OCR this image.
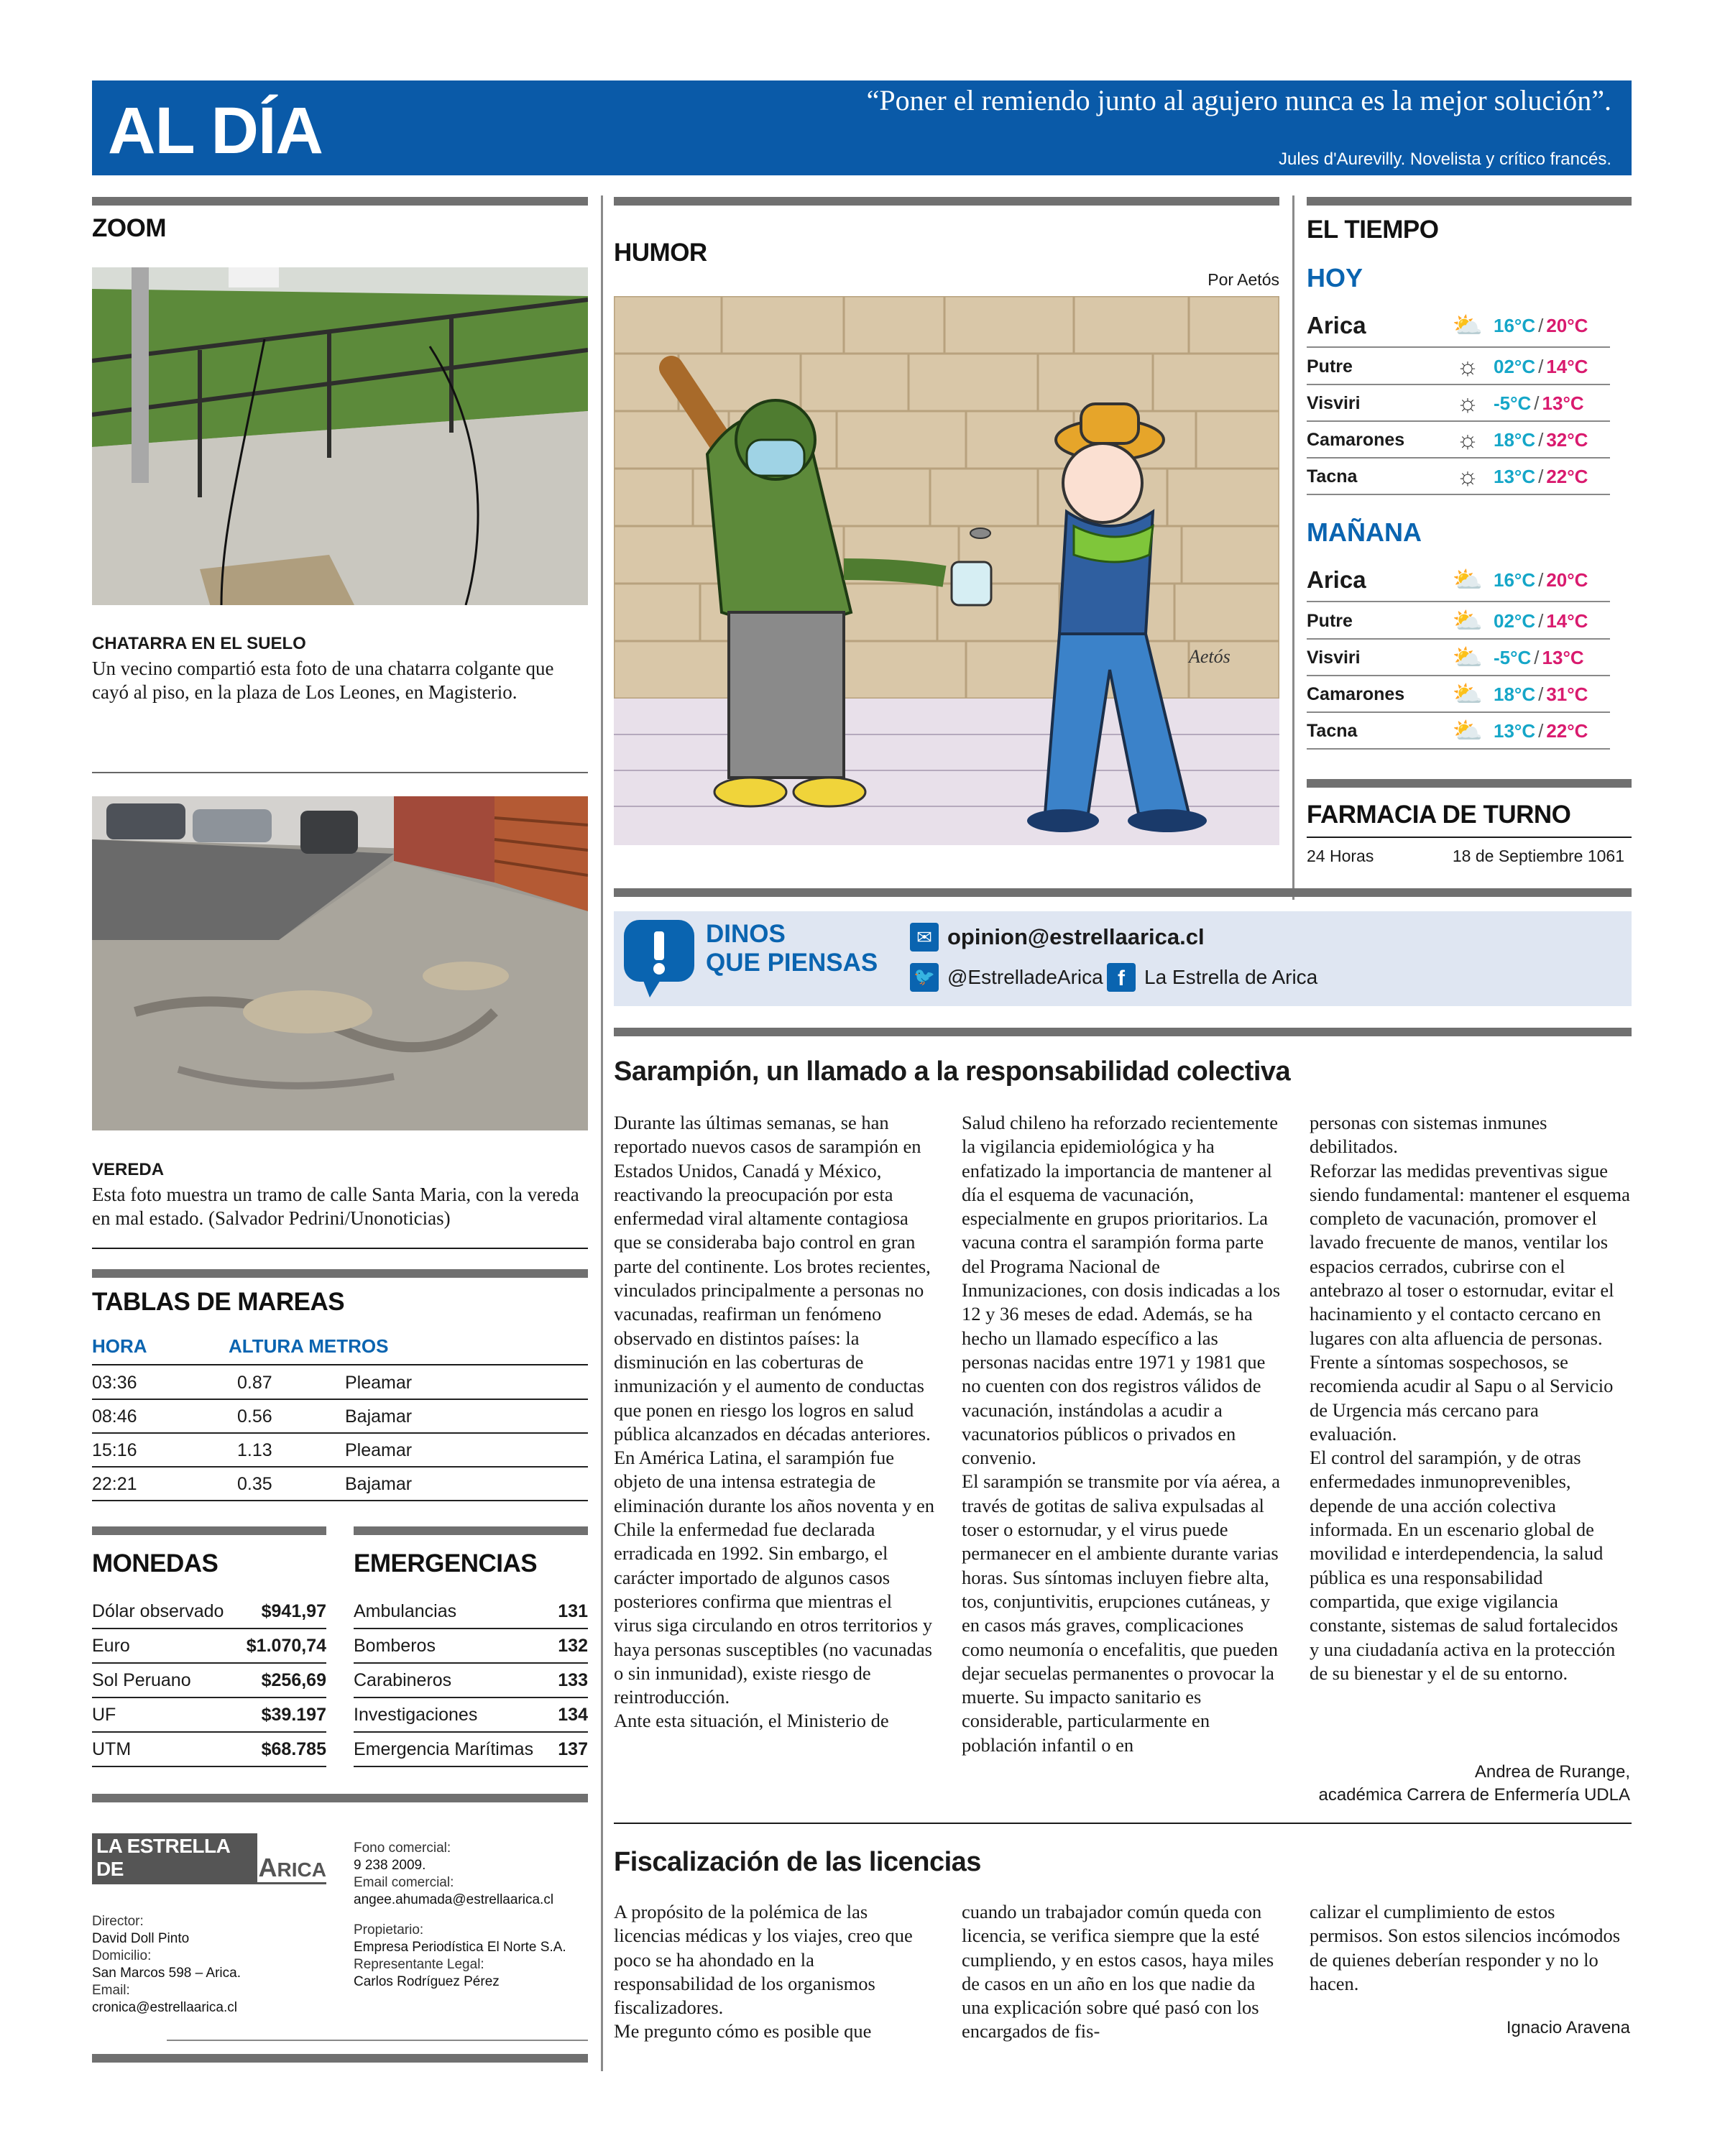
AL DÍA	“Poner el remiendo junto al agujero nunca es la mejor solución”.
Jules d'Aurevilly. Novelista y crítico francés.
ZOOM
CHATARRA EN EL SUELO
Un vecino compartió esta foto de una chatarra colgante que cayó al piso, en la plaza de Los Leones, en Magisterio.
VEREDA
Esta foto muestra un tramo de calle Santa Maria, con la vereda en mal estado. (Salvador Pedrini/Unonoticias)
TABLAS DE MAREAS
HORA	ALTURA METROS
03:36	0.87	Pleamar
08:46	0.56	Bajamar
15:16	1.13	Pleamar
22:21	0.35	Bajamar
MONEDAS	EMERGENCIAS
Dólar observado $941,97
Euro	$1.070,74
Sol Peruano	$256,69
UF	$39.197
UTM	$68.785
Ambulancias	131
Bomberos	132
Carabineros	133
Investigaciones	134
Emergencia Marítimas 137
LA ESTRELLA DE	A RICA
Director:
David Doll Pinto
Domicilio:
San Marcos 598 – Arica.
Email:
cronica@estrellaarica.cl
Fono comercial:
9 238 2009.
Email comercial:
angee.ahumada@estrellaarica.cl
Propietario:
Empresa Periodística El Norte S.A.
Representante Legal:
Carlos Rodríguez Pérez
HUMOR
Por Aetós
Aetós
DINOS
QUE PIENSAS
✉ opinion@estrellaarica.cl
🐦 @EstrelladeArica f La Estrella de Arica
Sarampión, un llamado a la responsabilidad colectiva

Durante las últimas semanas, se han reportado nuevos casos de sarampión en Estados Unidos, Canadá y México, reactivando la preocupación por esta enfermedad viral altamente contagiosa que se consideraba bajo control en gran parte del continente. Los brotes recientes, vinculados principalmente a personas no vacunadas, reafirman un fenómeno observado en distintos países: la disminución en las coberturas de inmunización y el aumento de conductas que ponen en riesgo los logros en salud pública alcanzados en décadas anteriores.

En América Latina, el sarampión fue objeto de una intensa estrategia de eliminación durante los años noventa y en Chile la enfermedad fue declarada erradicada en 1992. Sin embargo, el carácter importado de algunos casos posteriores confirma que mientras el virus siga circulando en otros territorios y haya personas susceptibles (no vacunadas o sin inmunidad), existe riesgo de reintroducción.

Ante esta situación, el Ministerio de

Salud chileno ha reforzado recientemente la vigilancia epidemiológica y ha enfatizado la importancia de mantener al día el esquema de vacunación, especialmente en grupos prioritarios. La vacuna contra el sarampión forma parte del Programa Nacional de Inmunizaciones, con dosis indicadas a los 12 y 36 meses de edad. Además, se ha hecho un llamado específico a las personas nacidas entre 1971 y 1981 que no cuenten con dos registros válidos de vacunación, instándolas a acudir a vacunatorios públicos o privados en convenio.

El sarampión se transmite por vía aérea, a través de gotitas de saliva expulsadas al toser o estornudar, y el virus puede permanecer en el ambiente durante varias horas. Sus síntomas incluyen fiebre alta, tos, conjuntivitis, erupciones cutáneas, y en casos más graves, complicaciones como neumonía o encefalitis, que pueden dejar secuelas permanentes o provocar la muerte. Su impacto sanitario es considerable, particularmente en población infantil o en

personas con sistemas inmunes debilitados.

Reforzar las medidas preventivas sigue siendo fundamental: mantener el esquema completo de vacunación, promover el lavado frecuente de manos, ventilar los espacios cerrados, cubrirse con el antebrazo al toser o estornudar, evitar el hacinamiento y el contacto cercano en lugares con alta afluencia de personas. Frente a síntomas sospechosos, se recomienda acudir al Sapu o al Servicio de Urgencia más cercano para evaluación.

El control del sarampión, y de otras enfermedades inmunoprevenibles, depende de una acción colectiva informada. En un escenario global de movilidad e interdependencia, la salud pública es una responsabilidad compartida, que exige vigilancia constante, sistemas de salud fortalecidos y una ciudadanía activa en la protección de su bienestar y el de su entorno.

Andrea de Rurange,
académica Carrera de Enfermería UDLA
Fiscalización de las licencias

A propósito de la polémica de las licencias médicas y los viajes, creo que poco se ha ahondado en la responsabilidad de los organismos fiscalizadores.

Me pregunto cómo es posible que

cuando un trabajador común queda con licencia, se verifica siempre que la esté cumpliendo, y en estos casos, haya miles de casos en un año en los que nadie da una explicación sobre qué pasó con los encargados de fis-

calizar el cumplimiento de estos permisos. Son estos silencios incómodos de quienes deberían responder y no lo hacen.

Ignacio Aravena
EL TIEMPO
HOY
Arica	⛅ 16°C / 20°C
Putre	☼ 02°C / 14°C
Visviri	☼ -5°C / 13°C
Camarones	☼ 18°C / 32°C
Tacna	☼ 13°C / 22°C
MAÑANA
Arica	⛅ 16°C / 20°C
Putre	⛅ 02°C / 14°C
Visviri	⛅ -5°C / 13°C
Camarones	⛅ 18°C / 31°C
Tacna	⛅ 13°C / 22°C
FARMACIA DE TURNO
24 Horas	18 de Septiembre 1061
